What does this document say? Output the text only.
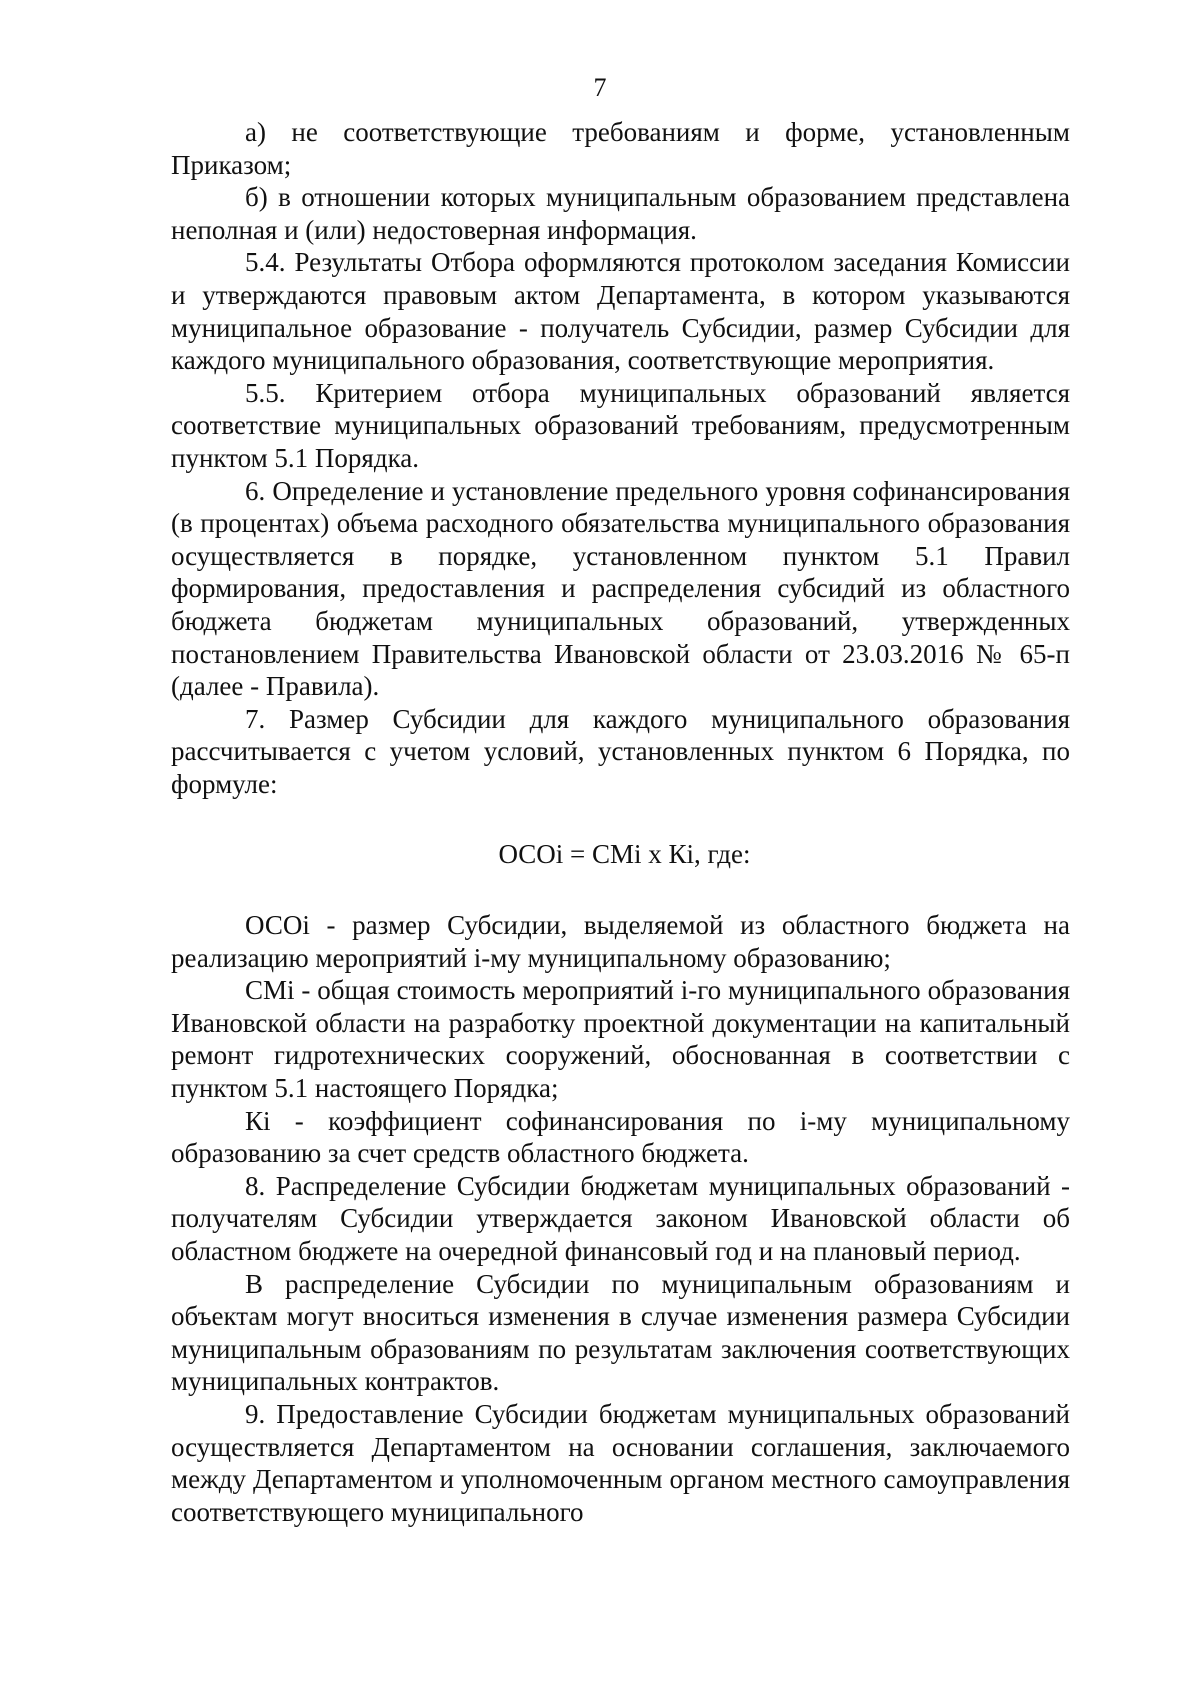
7

а) не соответствующие требованиям и форме, установленным Приказом;

б) в отношении которых муниципальным образованием представлена неполная и (или) недостоверная информация.

5.4. Результаты Отбора оформляются протоколом заседания Комиссии и утверждаются правовым актом Департамента, в котором указываются муниципальное образование - получатель Субсидии, размер Субсидии для каждого муниципального образования, соответствующие мероприятия.

5.5. Критерием отбора муниципальных образований является соответствие муниципальных образований требованиям, предусмотренным пунктом 5.1 Порядка.

6. Определение и установление предельного уровня софинансирования (в процентах) объема расходного обязательства муниципального образования осуществляется в порядке, установленном пунктом 5.1 Правил формирования, предоставления и распределения субсидий из областного бюджета бюджетам муниципальных образований, утвержденных постановлением Правительства Ивановской области от 23.03.2016 № 65-п (далее - Правила).

7. Размер Субсидии для каждого муниципального образования рассчитывается с учетом условий, установленных пунктом 6 Порядка, по формуле:

ОСОi = СМi x Кi, где:

ОСОi - размер Субсидии, выделяемой из областного бюджета на реализацию мероприятий i-му муниципальному образованию;

СМi - общая стоимость мероприятий i-го муниципального образования Ивановской области на разработку проектной документации на капитальный ремонт гидротехнических сооружений, обоснованная в соответствии с пунктом 5.1 настоящего Порядка;

Кi - коэффициент софинансирования по i-му муниципальному образованию за счет средств областного бюджета.

8. Распределение Субсидии бюджетам муниципальных образований - получателям Субсидии утверждается законом Ивановской области об областном бюджете на очередной финансовый год и на плановый период.

В распределение Субсидии по муниципальным образованиям и объектам могут вноситься изменения в случае изменения размера Субсидии муниципальным образованиям по результатам заключения соответствующих муниципальных контрактов.

9. Предоставление Субсидии бюджетам муниципальных образований осуществляется Департаментом на основании соглашения, заключаемого между Департаментом и уполномоченным органом местного самоуправления соответствующего муниципального
